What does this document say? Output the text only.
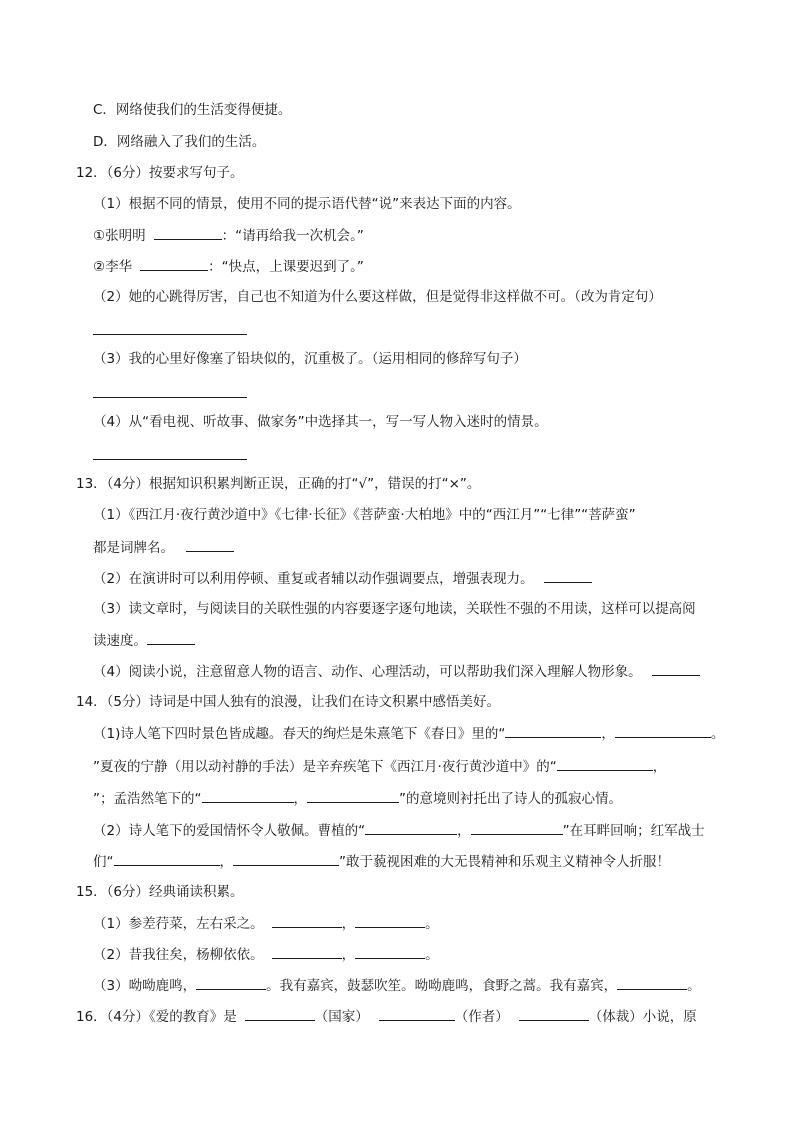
C．网络使我们的生活变得便捷。
D．网络融入了我们的生活。
12．（6分）按要求写句子。
（1）根据不同的情景，使用不同的提示语代替“说”来表达下面的内容。
①张明明	：“请再给我一次机会。”
②李华	：“快点，上课要迟到了。”
（2）她的心跳得厉害，自己也不知道为什么要这样做，但是觉得非这样做不可。（改为肯定句）
（3）我的心里好像塞了铅块似的，沉重极了。（运用相同的修辞写句子）
（4）从“看电视、听故事、做家务”中选择其一，写一写人物入迷时的情景。
13．（4分）根据知识积累判断正误，正确的打“√”，错误的打“×”。
（1）《西江月·夜行黄沙道中》《七律·长征》《菩萨蛮·大柏地》中的“西江月”“七律”“菩萨蛮”
都是词牌名。
（2）在演讲时可以利用停顿、重复或者辅以动作强调要点，增强表现力。
（3）读文章时，与阅读目的关联性强的内容要逐字逐句地读，关联性不强的不用读，这样可以提高阅
读速度。
（4）阅读小说，注意留意人物的语言、动作、心理活动，可以帮助我们深入理解人物形象。
14．（5分）诗词是中国人独有的浪漫，让我们在诗文积累中感悟美好。
（1)诗人笔下四时景色皆成趣。春天的绚烂是朱熹笔下《春日》里的“	，	。
”夏夜的宁静（用以动衬静的手法）是辛弃疾笔下《西江月·夜行黄沙道中》的“	，
”；孟浩然笔下的“	，	”的意境则衬托出了诗人的孤寂心情。
（2）诗人笔下的爱国情怀令人敬佩。曹植的“	，	”在耳畔回响；红军战士
们“	，	”敢于藐视困难的大无畏精神和乐观主义精神令人折服！
15．（6分）经典诵读积累。
（1）参差荇菜，左右采之。	，	。
（2）昔我往矣，杨柳依依。	，	。
（3）呦呦鹿鸣，	。我有嘉宾，鼓瑟吹笙。呦呦鹿鸣，食野之蒿。我有嘉宾，	。
16．（4分）《爱的教育》是	（国家）	（作者）	（体裁）小说，原
